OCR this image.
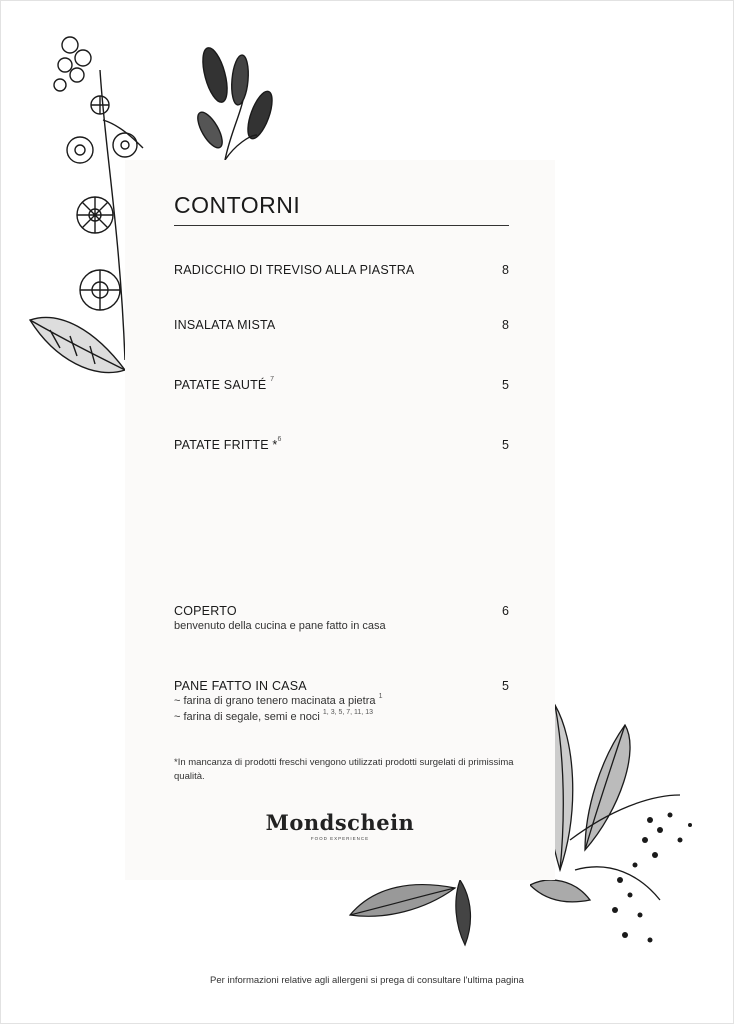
CONTORNI
RADICCHIO DI TREVISO ALLA PIASTRA	8
INSALATA MISTA	8
PATATE SAUTÉ $^7$	5
PATATE FRITTE *$^6$	5
COPERTO	6
benvenuto della cucina e pane fatto in casa
PANE FATTO IN CASA	5
~ farina di grano tenero macinata a pietra $^1$
~ farina di segale, semi e noci $^{1, 3, 5, 7, 11, 13}$
*In mancanza di prodotti freschi vengono utilizzati prodotti surgelati di primissima qualità.
Mondschein
FOOD EXPERIENCE
Per informazioni relative agli allergeni si prega di consultare l'ultima pagina
